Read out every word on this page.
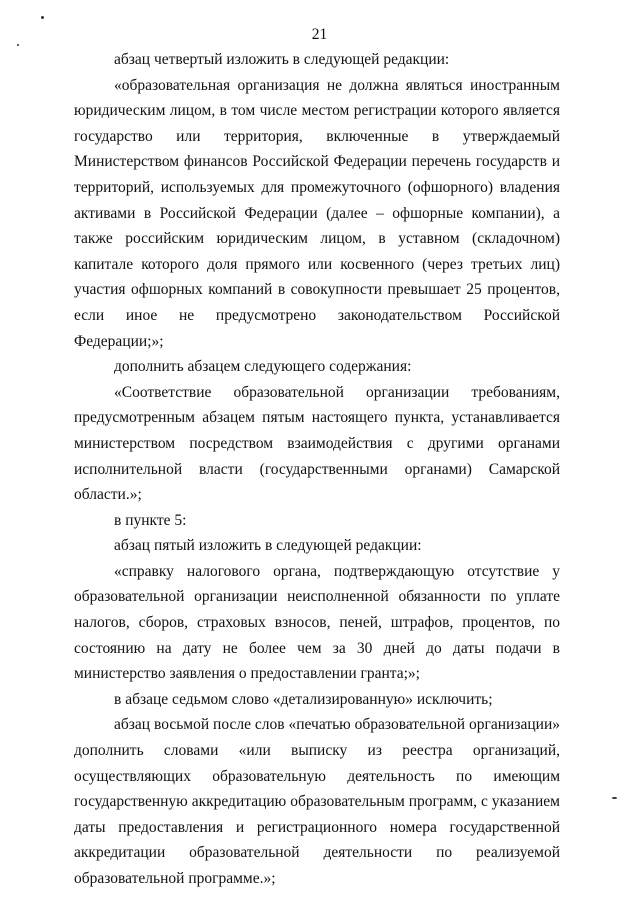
21

абзац четвертый изложить в следующей редакции:

«образовательная организация не должна являться иностранным юридическим лицом, в том числе местом регистрации которого является государство или территория, включенные в утверждаемый Министерством финансов Российской Федерации перечень государств и территорий, используемых для промежуточного (офшорного) владения активами в Российской Федерации (далее – офшорные компании), а также российским юридическим лицом, в уставном (складочном) капитале которого доля прямого или косвенного (через третьих лиц) участия офшорных компаний в совокупности превышает 25 процентов, если иное не предусмотрено законодательством Российской Федерации;»;

дополнить абзацем следующего содержания:

«Соответствие образовательной организации требованиям, предусмотренным абзацем пятым настоящего пункта, устанавливается министерством посредством взаимодействия с другими органами исполнительной власти (государственными органами) Самарской области.»;

в пункте 5:

абзац пятый изложить в следующей редакции:

«справку налогового органа, подтверждающую отсутствие у образовательной организации неисполненной обязанности по уплате налогов, сборов, страховых взносов, пеней, штрафов, процентов, по состоянию на дату не более чем за 30 дней до даты подачи в министерство заявления о предоставлении гранта;»;

в абзаце седьмом слово «детализированную» исключить;

абзац восьмой после слов «печатью образовательной организации» дополнить словами «или выписку из реестра организаций, осуществляющих образовательную деятельность по имеющим государственную аккредитацию образовательным программ, с указанием даты предоставления и регистрационного номера государственной аккредитации образовательной деятельности по реализуемой образовательной программе.»;
